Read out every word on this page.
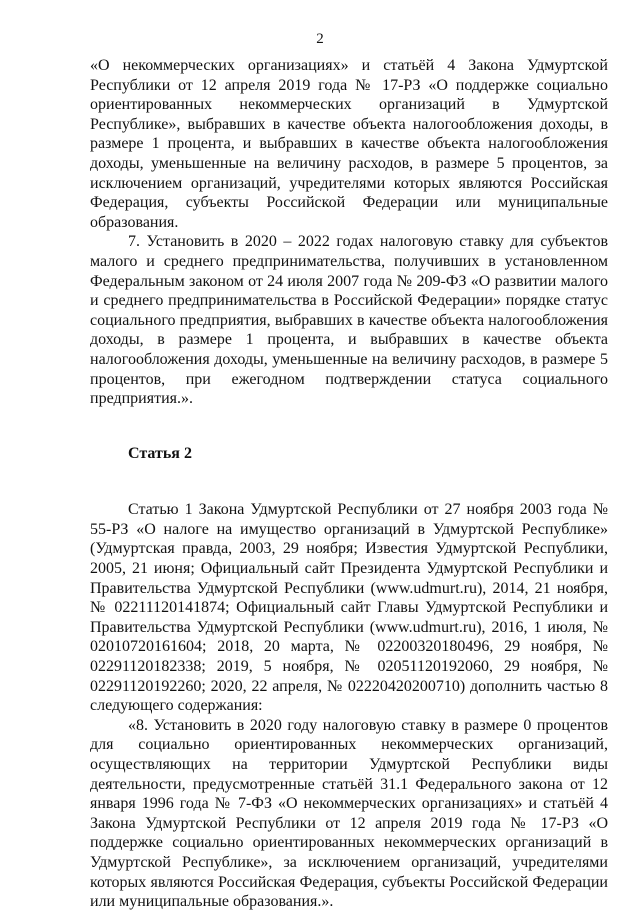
2

«О некоммерческих организациях» и статьёй 4 Закона Удмуртской Республики от 12 апреля 2019 года № 17-РЗ «О поддержке социально ориентированных некоммерческих организаций в Удмуртской Республике», выбравших в качестве объекта налогообложения доходы, в размере 1 процента, и выбравших в качестве объекта налогообложения доходы, уменьшенные на величину расходов, в размере 5 процентов, за исключением организаций, учредителями которых являются Российская Федерация, субъекты Российской Федерации или муниципальные образования.

7. Установить в 2020 – 2022 годах налоговую ставку для субъектов малого и среднего предпринимательства, получивших в установленном Федеральным законом от 24 июля 2007 года № 209-ФЗ «О развитии малого и среднего предпринимательства в Российской Федерации» порядке статус социального предприятия, выбравших в качестве объекта налогообложения доходы, в размере 1 процента, и выбравших в качестве объекта налогообложения доходы, уменьшенные на величину расходов, в размере 5 процентов, при ежегодном подтверждении статуса социального предприятия.».

Статья 2

Статью 1 Закона Удмуртской Республики от 27 ноября 2003 года № 55-РЗ «О налоге на имущество организаций в Удмуртской Республике» (Удмуртская правда, 2003, 29 ноября; Известия Удмуртской Республики, 2005, 21 июня; Официальный сайт Президента Удмуртской Республики и Правительства Удмуртской Республики (www.udmurt.ru), 2014, 21 ноября, № 02211120141874; Официальный сайт Главы Удмуртской Республики и Правительства Удмуртской Республики (www.udmurt.ru), 2016, 1 июля, № 02010720161604; 2018, 20 марта, № 02200320180496, 29 ноября, № 02291120182338; 2019, 5 ноября, № 02051120192060, 29 ноября, № 02291120192260; 2020, 22 апреля, № 02220420200710) дополнить частью 8 следующего содержания:

«8. Установить в 2020 году налоговую ставку в размере 0 процентов для социально ориентированных некоммерческих организаций, осуществляющих на территории Удмуртской Республики виды деятельности, предусмотренные статьёй 31.1 Федерального закона от 12 января 1996 года № 7-ФЗ «О некоммерческих организациях» и статьёй 4 Закона Удмуртской Республики от 12 апреля 2019 года № 17-РЗ «О поддержке социально ориентированных некоммерческих организаций в Удмуртской Республике», за исключением организаций, учредителями которых являются Российская Федерация, субъекты Российской Федерации или муниципальные образования.».
